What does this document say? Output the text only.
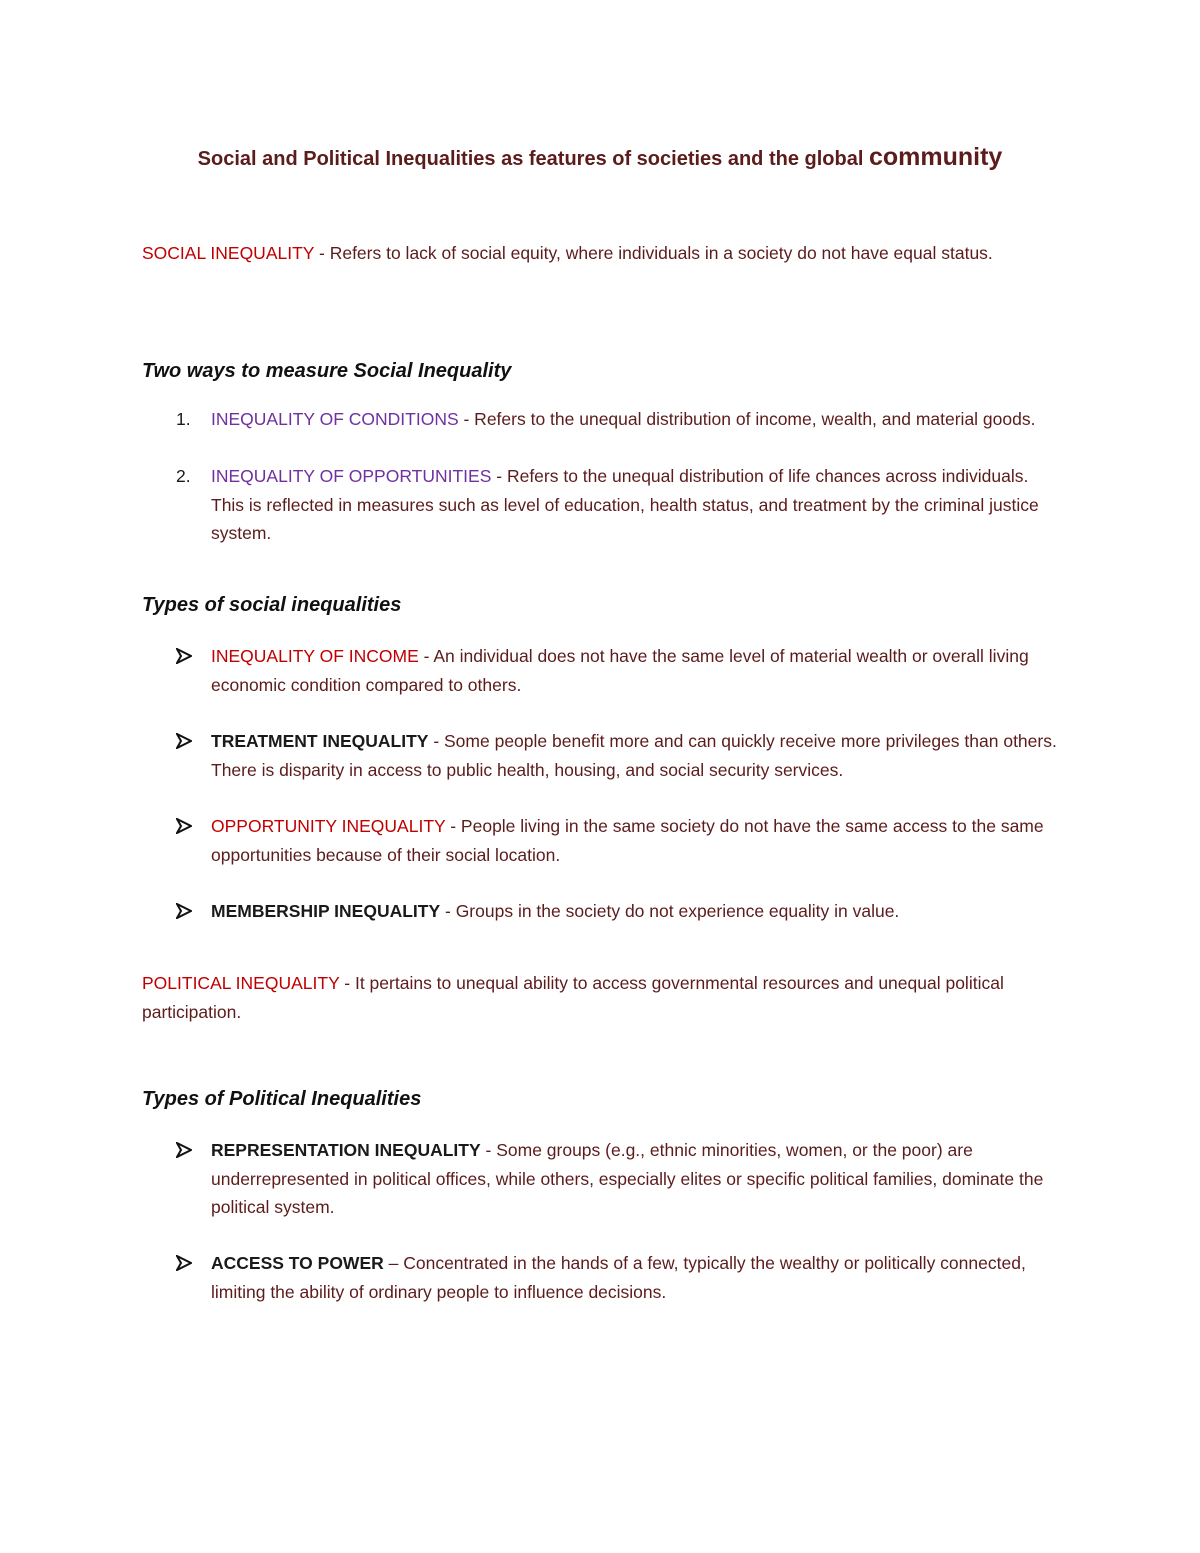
Social and Political Inequalities as features of societies and the global community
SOCIAL INEQUALITY - Refers to lack of social equity, where individuals in a society do not have equal status.
Two ways to measure Social Inequality
1. INEQUALITY OF CONDITIONS - Refers to the unequal distribution of income, wealth, and material goods.
2. INEQUALITY OF OPPORTUNITIES - Refers to the unequal distribution of life chances across individuals. This is reflected in measures such as level of education, health status, and treatment by the criminal justice system.
Types of social inequalities
INEQUALITY OF INCOME - An individual does not have the same level of material wealth or overall living economic condition compared to others.
TREATMENT INEQUALITY - Some people benefit more and can quickly receive more privileges than others. There is disparity in access to public health, housing, and social security services.
OPPORTUNITY INEQUALITY - People living in the same society do not have the same access to the same opportunities because of their social location.
MEMBERSHIP INEQUALITY - Groups in the society do not experience equality in value.
POLITICAL INEQUALITY - It pertains to unequal ability to access governmental resources and unequal political participation.
Types of Political Inequalities
REPRESENTATION INEQUALITY - Some groups (e.g., ethnic minorities, women, or the poor) are underrepresented in political offices, while others, especially elites or specific political families, dominate the political system.
ACCESS TO POWER – Concentrated in the hands of a few, typically the wealthy or politically connected, limiting the ability of ordinary people to influence decisions.
